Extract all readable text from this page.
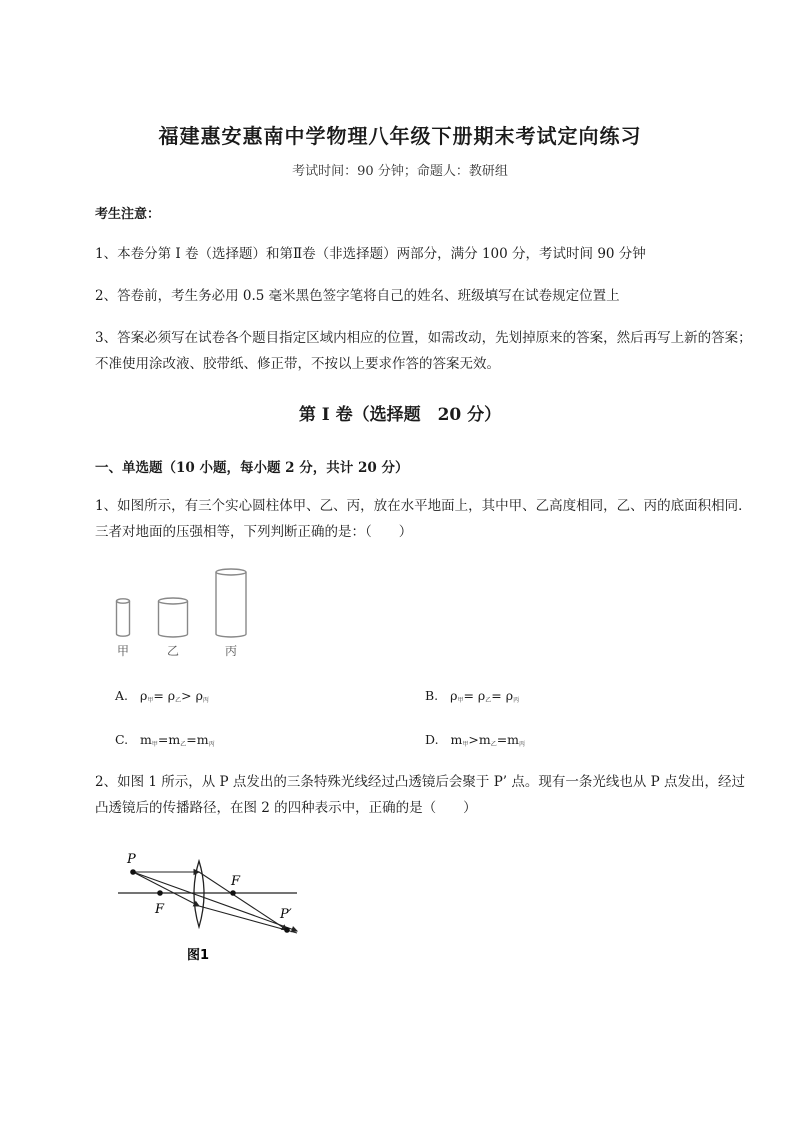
福建惠安惠南中学物理八年级下册期末考试定向练习
考试时间：90 分钟；命题人：教研组
考生注意：
1、本卷分第 I 卷（选择题）和第Ⅱ卷（非选择题）两部分，满分 100 分，考试时间 90 分钟
2、答卷前，考生务必用 0.5 毫米黑色签字笔将自己的姓名、班级填写在试卷规定位置上
3、答案必须写在试卷各个题目指定区域内相应的位置，如需改动，先划掉原来的答案，然后再写上新的答案；不准使用涂改液、胶带纸、修正带，不按以上要求作答的答案无效。
第 I 卷（选择题　20 分）
一、单选题（10 小题，每小题 2 分，共计 20 分）
1、如图所示，有三个实心圆柱体甲、乙、丙，放在水平地面上，其中甲、乙高度相同，乙、丙的底面积相同．三者对地面的压强相等，下列判断正确的是：（　　）
甲	乙	丙
A. $\rho_甲= \rho_乙> \rho_丙$	B. $\rho_甲= \rho_乙= \rho_丙$
C. $m_甲=m_乙=m_丙$	D. $m_甲>m_乙=m_丙$
2、如图 1 所示，从 P 点发出的三条特殊光线经过凸透镜后会聚于 P’ 点。现有一条光线也从 P 点发出，经过凸透镜后的传播路径，在图 2 的四种表示中，正确的是（　　）
P
F
F	P′
图1
